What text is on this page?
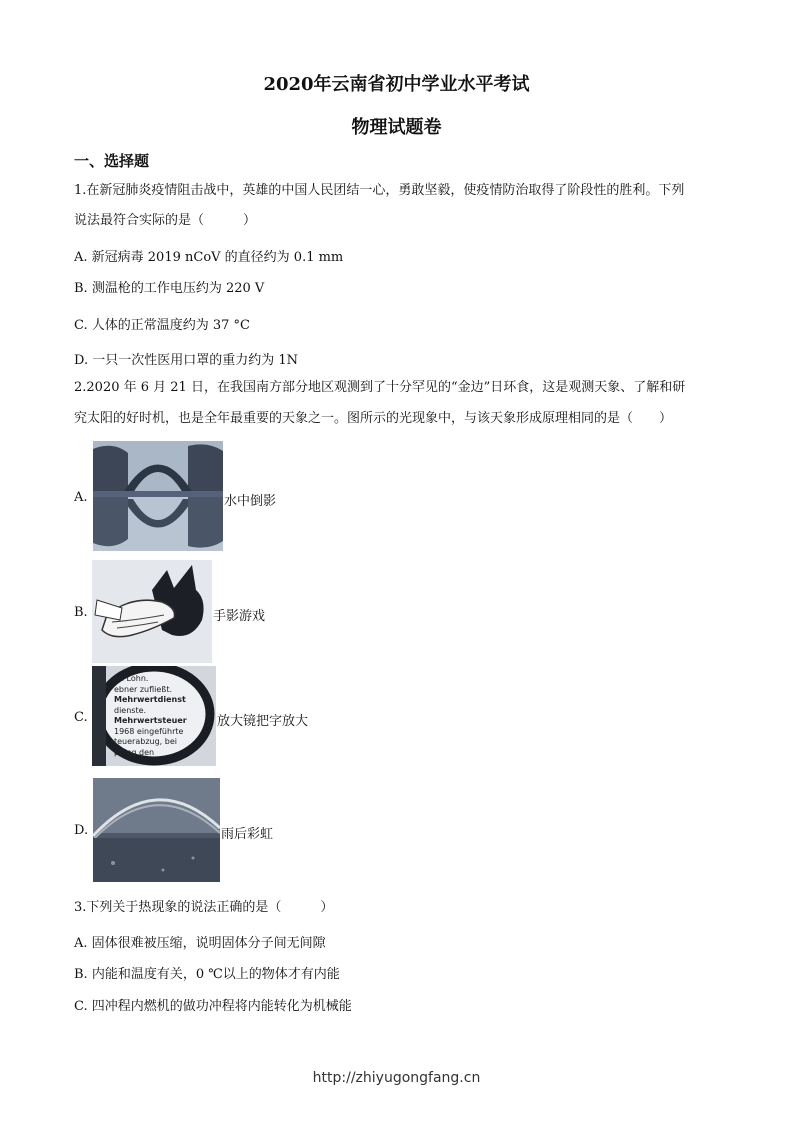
2020年云南省初中学业水平考试
物理试题卷
一、选择题
1.在新冠肺炎疫情阻击战中，英雄的中国人民团结一心，勇敢坚毅，使疫情防治取得了阶段性的胜利。下列
说法最符合实际的是（　　　）
A. 新冠病毒 2019 nCoV 的直径约为 0.1 mm
B. 测温枪的工作电压约为 220 V
C. 人体的正常温度约为 37 °C
D. 一只一次性医用口罩的重力约为 1N
2.2020 年 6 月 21 日，在我国南方部分地区观测到了十分罕见的“金边”日环食，这是观测天象、了解和研
究太阳的好时机，也是全年最重要的天象之一。图所示的光现象中，与该天象形成原理相同的是（　　）
A.	水中倒影
B.	手影游戏
C.
en Lohn.
ebner zufließt.
Mehrwertdienst
dienste.
Mehrwertsteuer
1968 eingeführte
teuerabzug, bei
pfling den
放大镜把字放大
D.	雨后彩虹
3.下列关于热现象的说法正确的是（　　　）
A. 固体很难被压缩，说明固体分子间无间隙
B. 内能和温度有关，0 ℃以上的物体才有内能
C. 四冲程内燃机的做功冲程将内能转化为机械能
http://zhiyugongfang.cn
